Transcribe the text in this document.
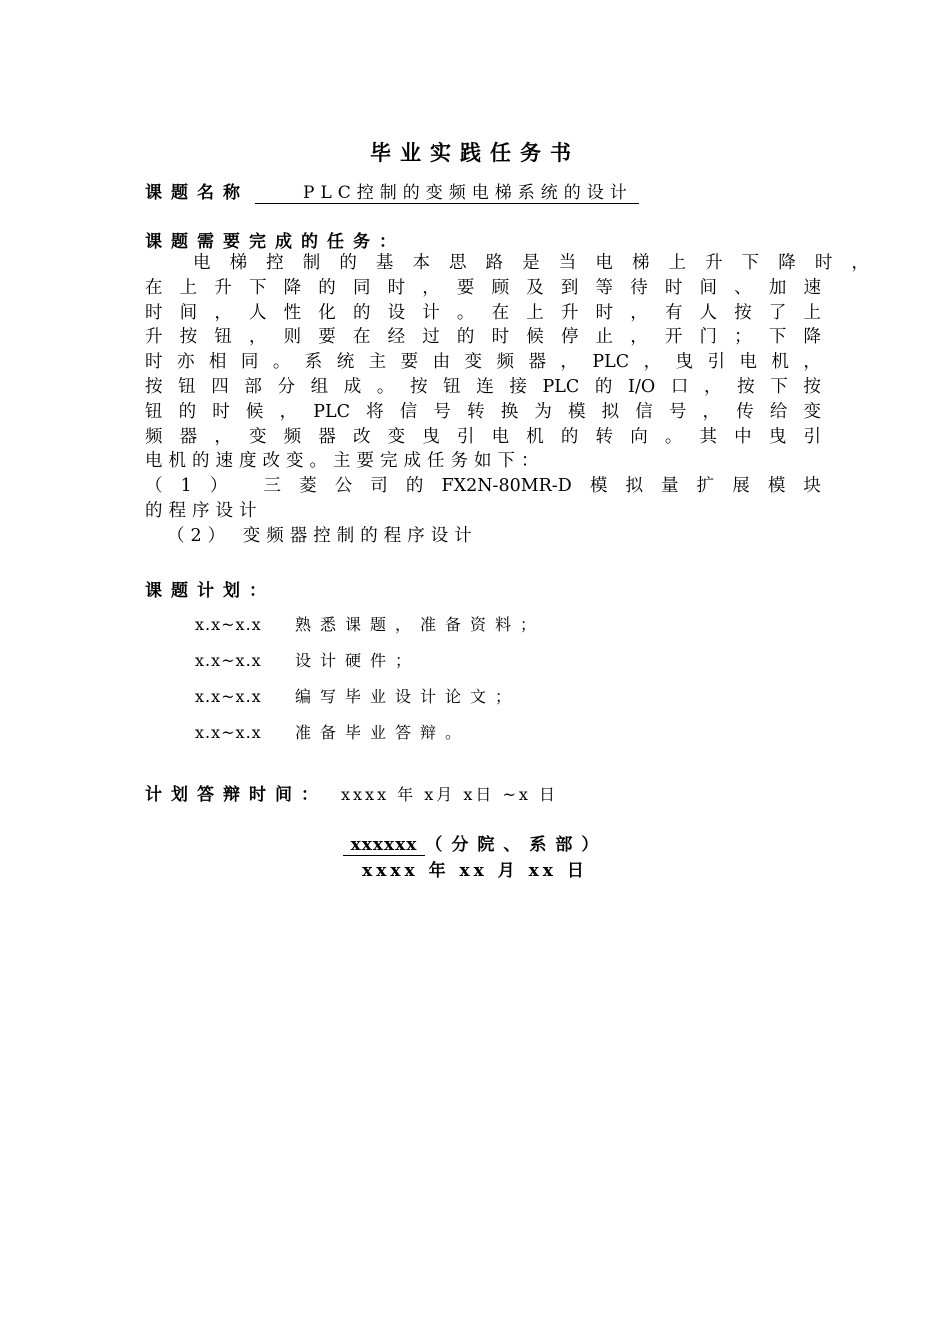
毕业实践任务书
课题名称	PLC控制的变频电梯系统的设计
课题需要完成的任务：
电 梯 控 制 的 基 本 思 路 是 当 电 梯 上 升 下 降 时 ，
在 上 升 下 降 的 同 时 ， 要 顾 及 到 等 待 时 间 、 加 速
时 间 ， 人 性 化 的 设 计 。 在 上 升 时 ， 有 人 按 了 上
升 按 钮 ， 则 要 在 经 过 的 时 候 停 止 ， 开 门 ； 下 降
时 亦 相 同 。 系 统 主 要 由 变 频 器 ， PLC ， 曳 引 电 机 ，
按 钮 四 部 分 组 成 。 按 钮 连 接 PLC 的 I/O 口 ， 按 下 按
钮 的 时 候 ， PLC 将 信 号 转 换 为 模 拟 信 号 ， 传 给 变
频 器 ， 变 频 器 改 变 曳 引 电 机 的 转 向 。 其 中 曳 引
电机的速度改变。主要完成任务如下：
（ 1 ） 三 菱 公 司 的 FX2N-80MR-D 模 拟 量 扩 展 模 块
的程序设计
（2） 变频器控制的程序设计
课题计划：
x.x~x.x 熟悉课题，准备资料；
x.x~x.x 设计硬件；
x.x~x.x 编写毕业设计论文；
x.x~x.x 准备毕业答辩。
计划答辩时间： xxxx 年 x月 x日 ~x 日
xxxxxx （分院、系部）
xxxx 年 xx 月 xx 日
